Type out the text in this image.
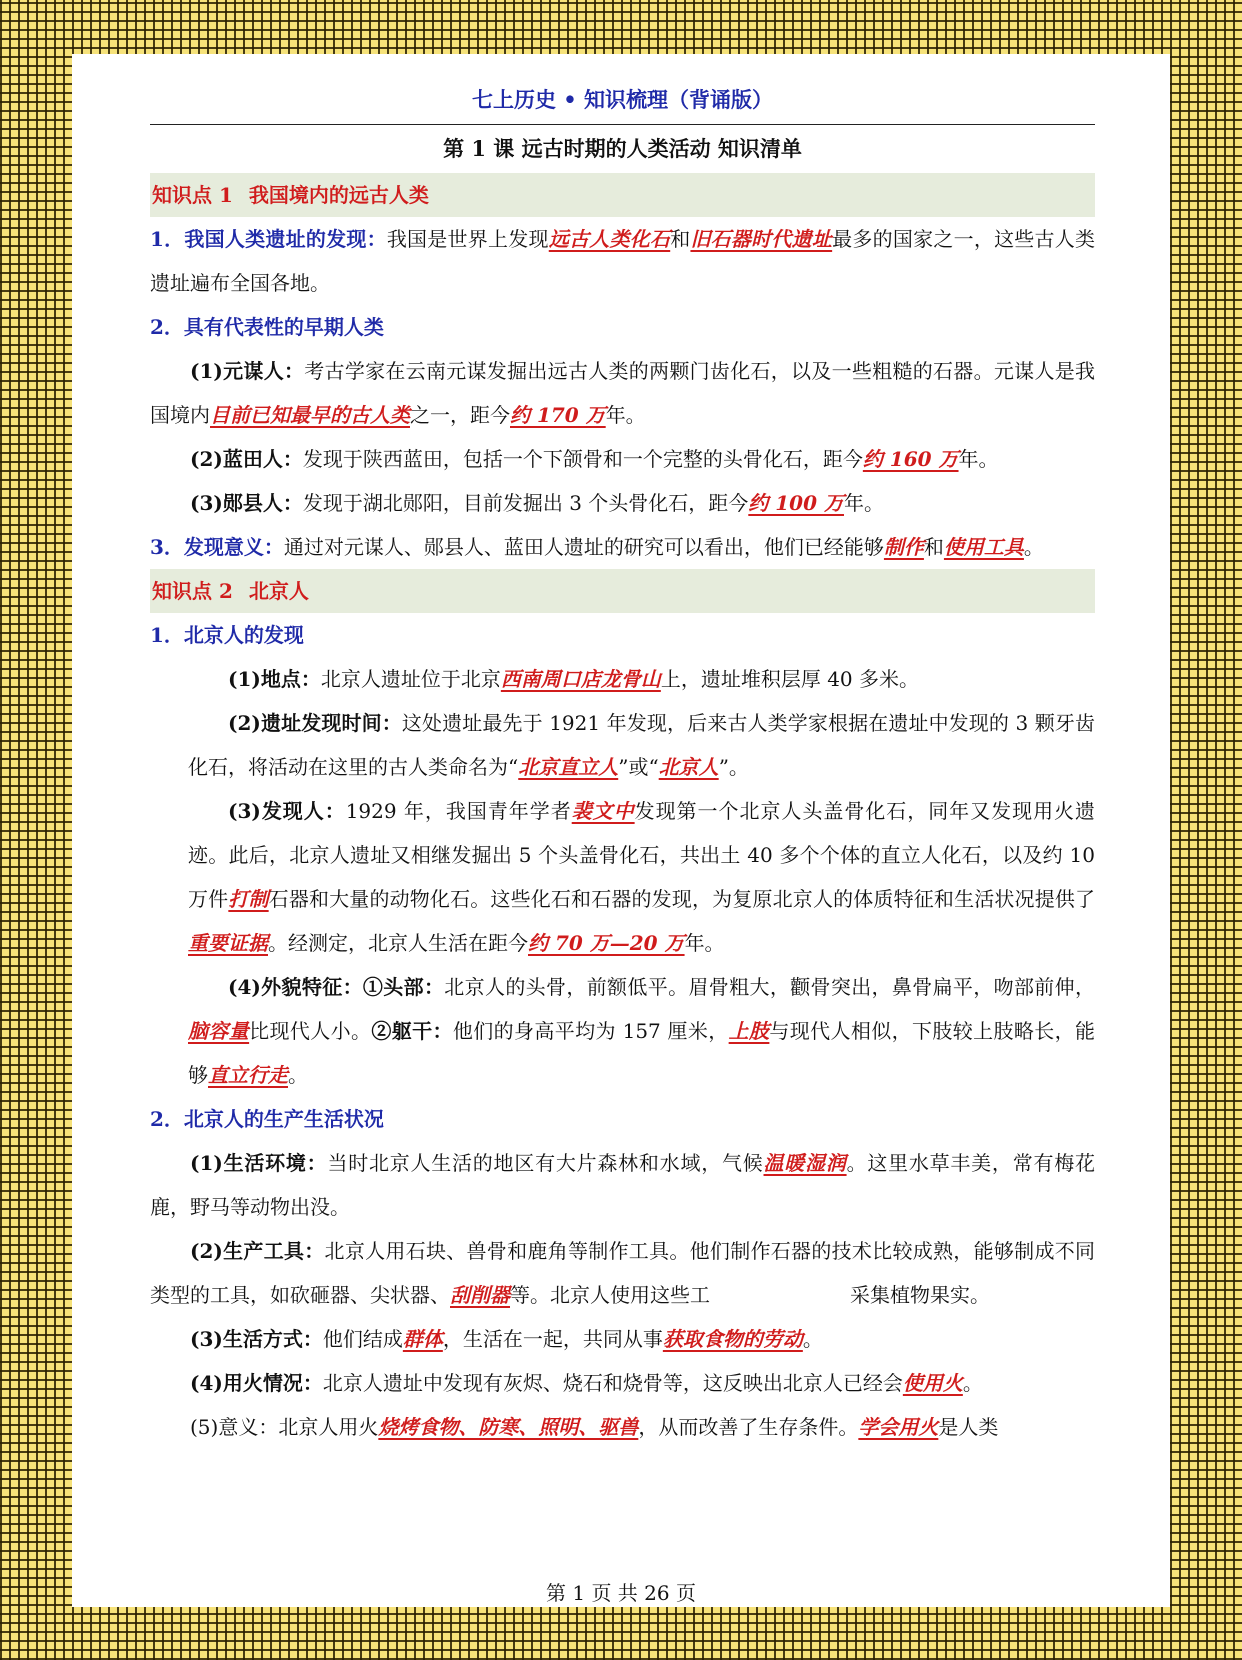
七上历史 • 知识梳理（背诵版）
第 1 课 远古时期的人类活动 知识清单
知识点 1 我国境内的远古人类

1．我国人类遗址的发现：我国是世界上发现远古人类化石和旧石器时代遗址最多的国家之一，这些古人类遗址遍布全国各地。

2．具有代表性的早期人类

(1)元谋人：考古学家在云南元谋发掘出远古人类的两颗门齿化石，以及一些粗糙的石器。元谋人是我国境内目前已知最早的古人类之一，距今约 170 万年。

(2)蓝田人：发现于陕西蓝田，包括一个下颌骨和一个完整的头骨化石，距今约 160 万年。

(3)郧县人：发现于湖北郧阳，目前发掘出 3 个头骨化石，距今约 100 万年。

3．发现意义：通过对元谋人、郧县人、蓝田人遗址的研究可以看出，他们已经能够制作和使用工具。

知识点 2 北京人

1．北京人的发现

(1)地点：北京人遗址位于北京西南周口店龙骨山上，遗址堆积层厚 40 多米。

(2)遗址发现时间：这处遗址最先于 1921 年发现，后来古人类学家根据在遗址中发现的 3 颗牙齿化石，将活动在这里的古人类命名为“北京直立人”或“北京人”。

(3)发现人：1929 年，我国青年学者裴文中发现第一个北京人头盖骨化石，同年又发现用火遗迹。此后，北京人遗址又相继发掘出 5 个头盖骨化石，共出土 40 多个个体的直立人化石，以及约 10 万件打制石器和大量的动物化石。这些化石和石器的发现，为复原北京人的体质特征和生活状况提供了重要证据。经测定，北京人生活在距今约 70 万—20 万年。

(4)外貌特征：①头部：北京人的头骨，前额低平。眉骨粗大，颧骨突出，鼻骨扁平，吻部前伸，脑容量比现代人小。②躯干：他们的身高平均为 157 厘米，上肢与现代人相似，下肢较上肢略长，能够直立行走。

2．北京人的生产生活状况

(1)生活环境：当时北京人生活的地区有大片森林和水域，气候温暖湿润。这里水草丰美，常有梅花鹿，野马等动物出没。

(2)生产工具：北京人用石块、兽骨和鹿角等制作工具。他们制作石器的技术比较成熟，能够制成不同类型的工具，如砍砸器、尖状器、刮削器等。北京人使用这些工	采集植物果实。

(3)生活方式：他们结成群体，生活在一起，共同从事获取食物的劳动。

(4)用火情况：北京人遗址中发现有灰烬、烧石和烧骨等，这反映出北京人已经会使用火。

(5)意义：北京人用火烧烤食物、防寒、照明、驱兽，从而改善了生存条件。学会用火是人类

第 1 页 共 26 页
